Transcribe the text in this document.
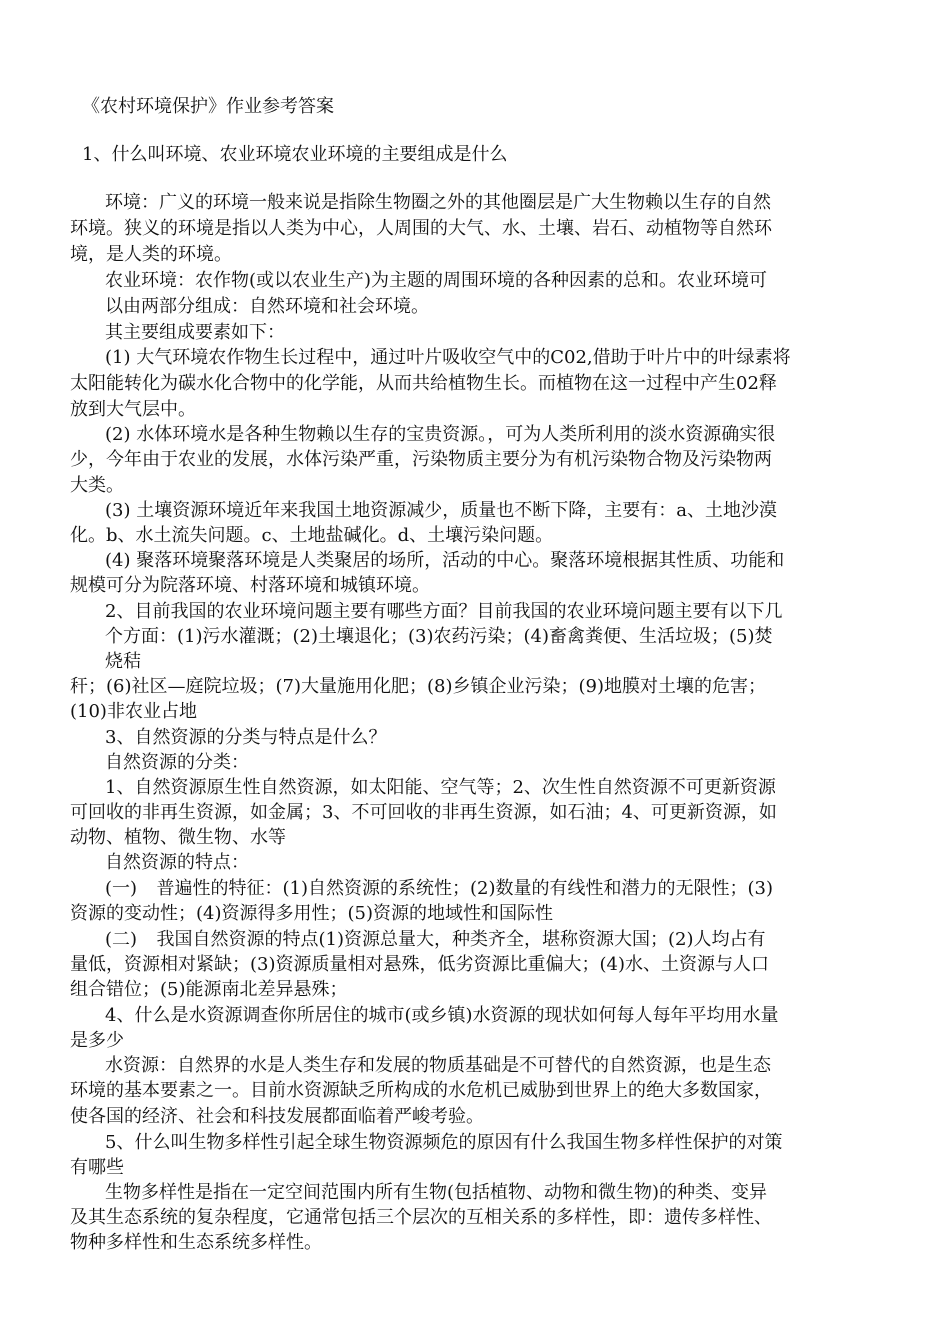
《农村环境保护》作业参考答案
1、什么叫环境、农业环境农业环境的主要组成是什么
环境：广义的环境一般来说是指除生物圈之外的其他圈层是广大生物赖以生存的自然
环境。狭义的环境是指以人类为中心，人周围的大气、水、土壤、岩石、动植物等自然环
境，是人类的环境。
农业环境：农作物(或以农业生产)为主题的周围环境的各种因素的总和。农业环境可
以由两部分组成：自然环境和社会环境。
其主要组成要素如下：
(1) 大气环境农作物生长过程中，通过叶片吸收空气中的C02,借助于叶片中的叶绿素将
太阳能转化为碳水化合物中的化学能，从而共给植物生长。而植物在这一过程中产生02释
放到大气层中。
(2) 水体环境水是各种生物赖以生存的宝贵资源。，可为人类所利用的淡水资源确实很
少，今年由于农业的发展，水体污染严重，污染物质主要分为有机污染物合物及污染物两
大类。
(3) 土壤资源环境近年来我国土地资源减少，质量也不断下降，主要有：a、土地沙漠
化。b、水土流失问题。c、土地盐碱化。d、土壤污染问题。
(4) 聚落环境聚落环境是人类聚居的场所，活动的中心。聚落环境根据其性质、功能和
规模可分为院落环境、村落环境和城镇环境。
2、目前我国的农业环境问题主要有哪些方面？目前我国的农业环境问题主要有以下几
个方面：(1)污水灌溉；(2)土壤退化；(3)农药污染；(4)畜禽粪便、生活垃圾；(5)焚
烧秸
秆；(6)社区—庭院垃圾；(7)大量施用化肥；(8)乡镇企业污染；(9)地膜对土壤的危害；
(10)非农业占地
3、自然资源的分类与特点是什么？
自然资源的分类：
1、自然资源原生性自然资源，如太阳能、空气等；2、次生性自然资源不可更新资源
可回收的非再生资源，如金属；3、不可回收的非再生资源，如石油；4、可更新资源，如
动物、植物、微生物、水等
自然资源的特点：
(一)	普遍性的特征：(1)自然资源的系统性；(2)数量的有线性和潜力的无限性；(3)
资源的变动性；(4)资源得多用性；(5)资源的地域性和国际性
(二)	我国自然资源的特点(1)资源总量大，种类齐全，堪称资源大国；(2)人均占有
量低，资源相对紧缺；(3)资源质量相对悬殊，低劣资源比重偏大；(4)水、土资源与人口
组合错位；(5)能源南北差异悬殊；
4、什么是水资源调查你所居住的城市(或乡镇)水资源的现状如何每人每年平均用水量
是多少
水资源：自然界的水是人类生存和发展的物质基础是不可替代的自然资源，也是生态
环境的基本要素之一。目前水资源缺乏所构成的水危机已威胁到世界上的绝大多数国家，
使各国的经济、社会和科技发展都面临着严峻考验。
5、什么叫生物多样性引起全球生物资源频危的原因有什么我国生物多样性保护的对策
有哪些
生物多样性是指在一定空间范围内所有生物(包括植物、动物和微生物)的种类、变异
及其生态系统的复杂程度，它通常包括三个层次的互相关系的多样性，即：遗传多样性、
物种多样性和生态系统多样性。
